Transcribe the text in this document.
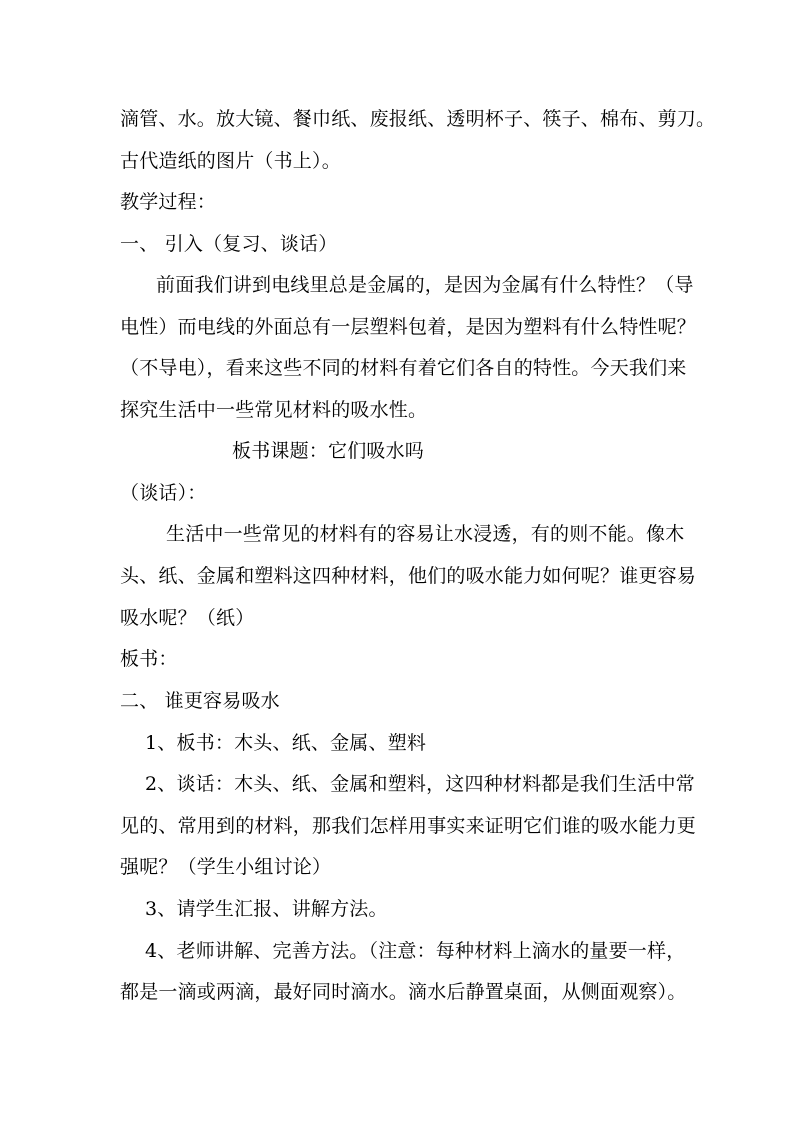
滴管、水。放大镜、餐巾纸、废报纸、透明杯子、筷子、棉布、剪刀。
古代造纸的图片（书上）。
教学过程：
一、 引入（复习、谈话）
前面我们讲到电线里总是金属的，是因为金属有什么特性？（导
电性）而电线的外面总有一层塑料包着，是因为塑料有什么特性呢？
（不导电），看来这些不同的材料有着它们各自的特性。今天我们来
探究生活中一些常见材料的吸水性。
板书课题：它们吸水吗
（谈话）：
生活中一些常见的材料有的容易让水浸透，有的则不能。像木
头、纸、金属和塑料这四种材料，他们的吸水能力如何呢？谁更容易
吸水呢？（纸）
板书：
二、 谁更容易吸水
1、板书：木头、纸、金属、塑料
2、谈话：木头、纸、金属和塑料，这四种材料都是我们生活中常
见的、常用到的材料，那我们怎样用事实来证明它们谁的吸水能力更
强呢？（学生小组讨论）
3、请学生汇报、讲解方法。
4、老师讲解、完善方法。（注意：每种材料上滴水的量要一样，
都是一滴或两滴，最好同时滴水。滴水后静置桌面，从侧面观察）。
